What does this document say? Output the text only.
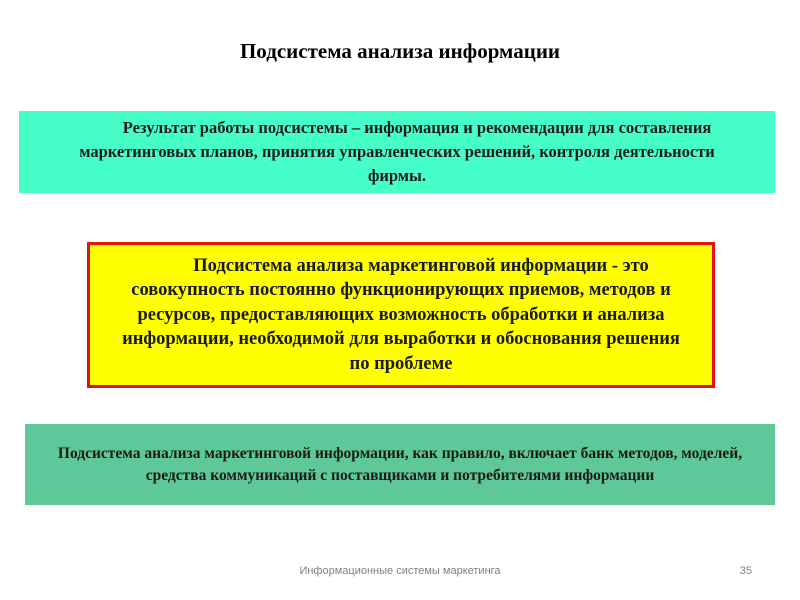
Подсистема анализа информации
Результат работы подсистемы – информация и рекомендации для составления маркетинговых планов, принятия управленческих решений, контроля деятельности фирмы.
Подсистема анализа маркетинговой информации - это совокупность постоянно функционирующих приемов, методов и ресурсов, предоставляющих возможность обработки и анализа информации, необходимой для выработки и обоснования решения по проблеме
Подсистема анализа маркетинговой информации, как правило, включает банк методов, моделей, средства коммуникаций с поставщиками и потребителями информации
Информационные системы маркетинга	35
